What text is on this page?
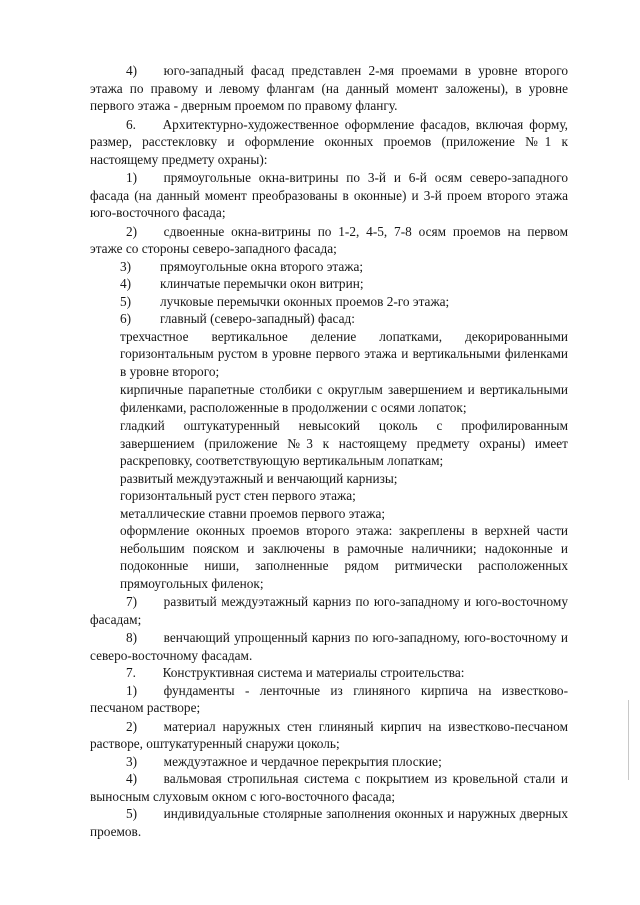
4)  юго-западный фасад представлен 2-мя проемами в уровне второго этажа по правому и левому флангам (на данный момент заложены), в уровне первого этажа - дверным проемом по правому флангу.

6.  Архитектурно-художественное оформление фасадов, включая форму, размер, расстекловку и оформление оконных проемов (приложение №1 к настоящему предмету охраны):

1)  прямоугольные окна-витрины по 3-й и 6-й осям северо-западного фасада (на данный момент преобразованы в оконные) и 3-й проем второго этажа юго-восточного фасада;

2)  сдвоенные окна-витрины по 1-2, 4-5, 7-8 осям проемов на первом этаже со стороны северо-западного фасада;

3) прямоугольные окна второго этажа;
4) клинчатые перемычки окон витрин;
5) лучковые перемычки оконных проемов 2-го этажа;
6) главный (северо-западный) фасад:

трехчастное вертикальное деление лопатками, декорированными горизонтальным рустом в уровне первого этажа и вертикальными филенками в уровне второго;

кирпичные парапетные столбики с округлым завершением и вертикальными филенками, расположенные в продолжении с осями лопаток;

гладкий оштукатуренный невысокий цоколь с профилированным завершением (приложение №3 к настоящему предмету охраны) имеет раскреповку, соответствующую вертикальным лопаткам;

развитый междуэтажный и венчающий карнизы;

горизонтальный руст стен первого этажа;

металлические ставни проемов первого этажа;

оформление оконных проемов второго этажа: закреплены в верхней части небольшим пояском и заключены в рамочные наличники; надоконные и подоконные ниши, заполненные рядом ритмически расположенных прямоугольных филенок;

7)  развитый междуэтажный карниз по юго-западному и юго-восточному фасадам;

8)  венчающий упрощенный карниз по юго-западному, юго-восточному и северо-восточному фасадам.

7.  Конструктивная система и материалы строительства:

1)  фундаменты - ленточные из глиняного кирпича на известково-песчаном растворе;

2)  материал наружных стен глиняный кирпич на известково-песчаном растворе, оштукатуренный снаружи цоколь;

3)  междуэтажное и чердачное перекрытия плоские;

4)  вальмовая стропильная система с покрытием из кровельной стали и выносным слуховым окном с юго-восточного фасада;

5)  индивидуальные столярные заполнения оконных и наружных дверных проемов.
